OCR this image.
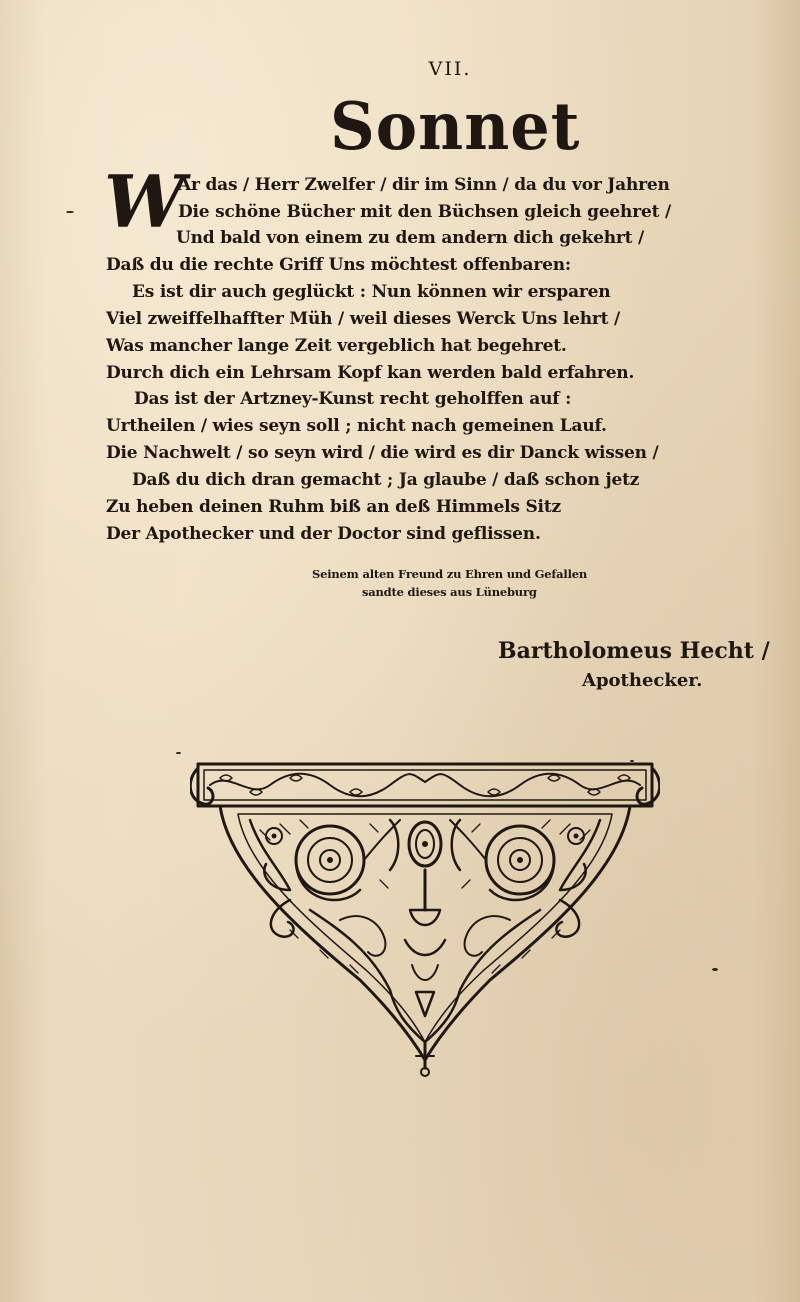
VII.
Sonnet
W
Ar das / Herr Zwelfer / dir im Sinn / da du vor Jahren
Die schöne Bücher mit den Büchsen gleich geehret /
Und bald von einem zu dem andern dich gekehrt /
Daß du die rechte Griff Uns möchtest offenbaren:
Es ist dir auch geglückt : Nun können wir ersparen
Viel zweiffelhaffter Müh / weil dieses Werck Uns lehrt /
Was mancher lange Zeit vergeblich hat begehret.
Durch dich ein Lehrsam Kopf kan werden bald erfahren.
Das ist der Artzney-Kunst recht geholffen auf :
Urtheilen / wies seyn soll ; nicht nach gemeinen Lauf.
Die Nachwelt / so seyn wird / die wird es dir Danck wissen /
Daß du dich dran gemacht ; Ja glaube / daß schon jetz
Zu heben deinen Ruhm biß an deß Himmels Sitz
Der Apothecker und der Doctor sind geflissen.
Seinem alten Freund zu Ehren und Gefallen
sandte dieses aus Lüneburg
Bartholomeus Hecht /
Apothecker.
